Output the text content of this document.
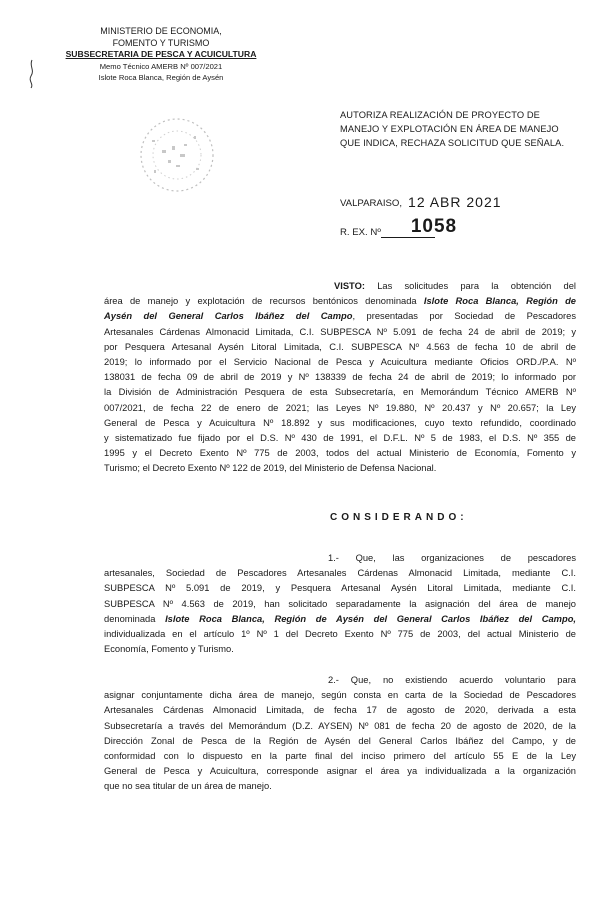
MINISTERIO DE ECONOMIA,
FOMENTO Y TURISMO
SUBSECRETARIA DE PESCA Y ACUICULTURA
Memo Técnico AMERB Nº 007/2021
Islote Roca Blanca, Región de Aysén
AUTORIZA REALIZACIÓN DE PROYECTO DE
MANEJO Y EXPLOTACIÓN EN ÁREA DE MANEJO
QUE INDICA, RECHAZA SOLICITUD QUE SEÑALA.
VALPARAISO, 12 ABR 2021
R. EX. Nº 1058
VISTO: Las solicitudes para la obtención del
área de manejo y explotación de recursos bentónicos denominada Islote Roca Blanca, Región de
Aysén del General Carlos Ibáñez del Campo, presentadas por Sociedad de Pescadores
Artesanales Cárdenas Almonacid Limitada, C.I. SUBPESCA Nº 5.091 de fecha 24 de abril de 2019; y
por Pesquera Artesanal Aysén Litoral Limitada, C.I. SUBPESCA Nº 4.563 de fecha 10 de abril de
2019; lo informado por el Servicio Nacional de Pesca y Acuicultura mediante Oficios ORD./P.A. Nº
138031 de fecha 09 de abril de 2019 y Nº 138339 de fecha 24 de abril de 2019; lo informado por
la División de Administración Pesquera de esta Subsecretaría, en Memorándum Técnico AMERB Nº
007/2021, de fecha 22 de enero de 2021; las Leyes Nº 19.880, Nº 20.437 y Nº 20.657; la Ley
General de Pesca y Acuicultura Nº 18.892 y sus modificaciones, cuyo texto refundido, coordinado
y sistematizado fue fijado por el D.S. Nº 430 de 1991, el D.F.L. Nº 5 de 1983, el D.S. Nº 355 de
1995 y el Decreto Exento Nº 775 de 2003, todos del actual Ministerio de Economía, Fomento y
Turismo; el Decreto Exento Nº 122 de 2019, del Ministerio de Defensa Nacional.
CONSIDERANDO:
1.- Que, las organizaciones de pescadores
artesanales, Sociedad de Pescadores Artesanales Cárdenas Almonacid Limitada, mediante C.I.
SUBPESCA Nº 5.091 de 2019, y Pesquera Artesanal Aysén Litoral Limitada, mediante C.I.
SUBPESCA Nº 4.563 de 2019, han solicitado separadamente la asignación del área de manejo
denominada Islote Roca Blanca, Región de Aysén del General Carlos Ibáñez del Campo,
individualizada en el artículo 1º Nº 1 del Decreto Exento Nº 775 de 2003, del actual Ministerio de
Economía, Fomento y Turismo.
2.- Que, no existiendo acuerdo voluntario para
asignar conjuntamente dicha área de manejo, según consta en carta de la Sociedad de Pescadores
Artesanales Cárdenas Almonacid Limitada, de fecha 17 de agosto de 2020, derivada a esta
Subsecretaría a través del Memorándum (D.Z. AYSEN) Nº 081 de fecha 20 de agosto de 2020, de la
Dirección Zonal de Pesca de la Región de Aysén del General Carlos Ibáñez del Campo, y de
conformidad con lo dispuesto en la parte final del inciso primero del artículo 55 E de la Ley
General de Pesca y Acuicultura, corresponde asignar el área ya individualizada a la organización
que no sea titular de un área de manejo.
